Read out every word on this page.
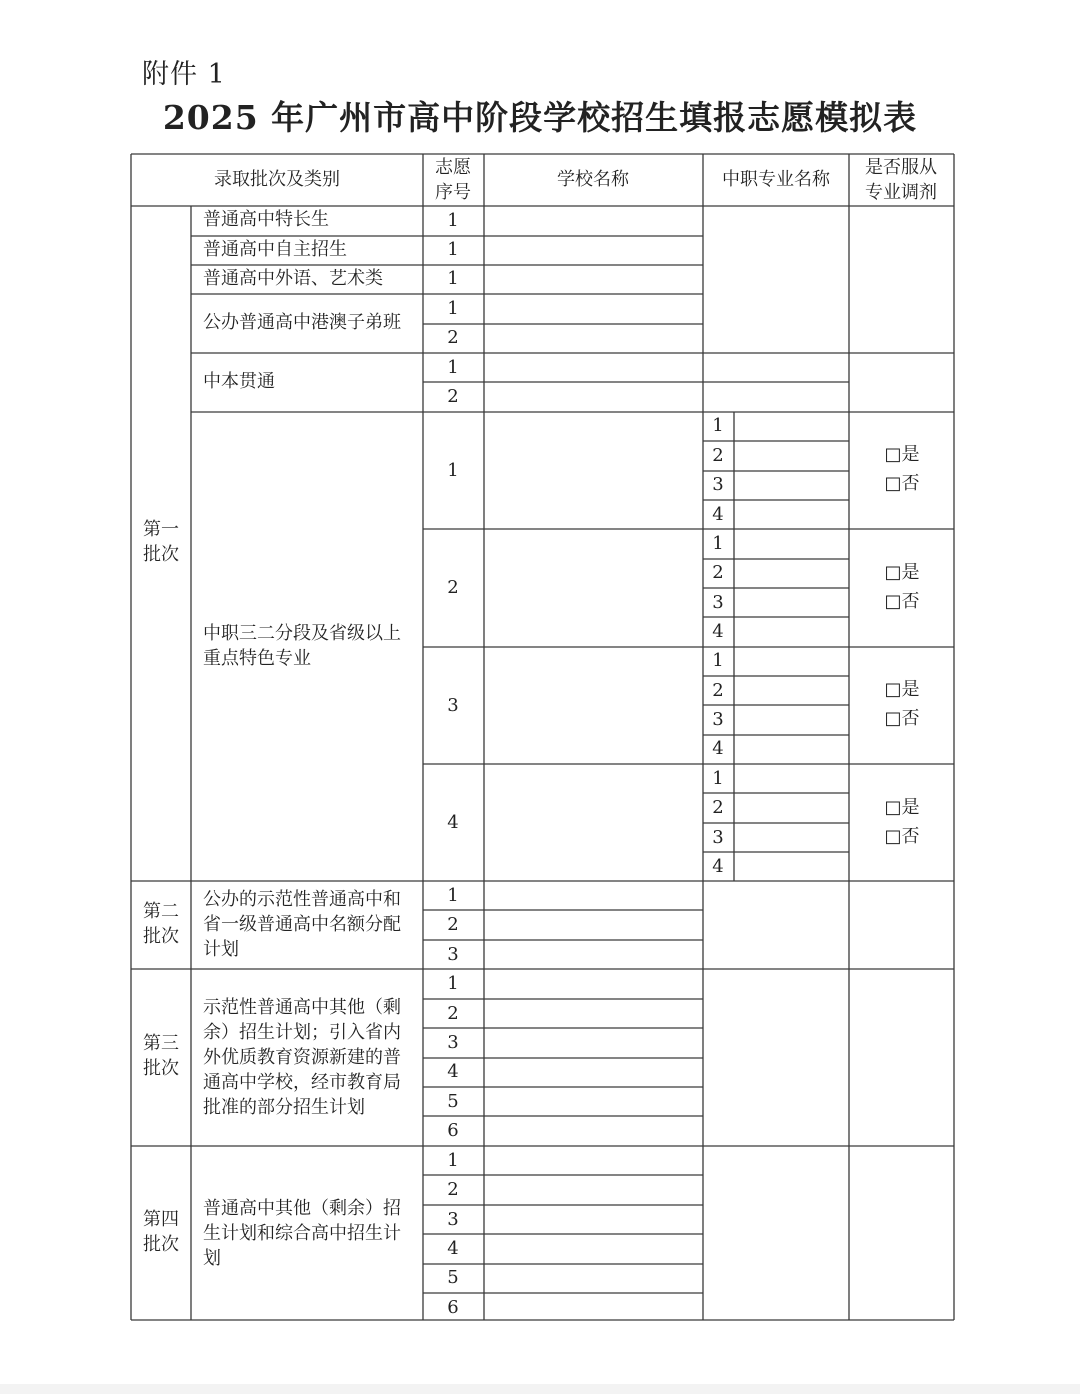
附件 1
2025 年广州市高中阶段学校招生填报志愿模拟表
录取批次及类别
志愿
序号
学校名称	中职专业名称
是否服从
专业调剂
第一
批次
第二
批次
第三
批次
第四
批次
普通高中特长生
普通高中自主招生
普通高中外语、艺术类
公办普通高中港澳子弟班
中本贯通
中职三二分段及省级以上
重点特色专业
公办的示范性普通高中和
省一级普通高中名额分配
计划
示范性普通高中其他（剩
余）招生计划；引入省内
外优质教育资源新建的普
通高中学校，经市教育局
批准的部分招生计划
普通高中其他（剩余）招
生计划和综合高中招生计
划
1
1
1
1
2
1
2
1
2
3
4
1
2
3
1
2
3
4
5
6
1
2
3
4
5
6
1
2
3
4
1
2
3
4
1
2
3
4
1
2
3
4
□是
□否
□是
□否
□是
□否
□是
□否
